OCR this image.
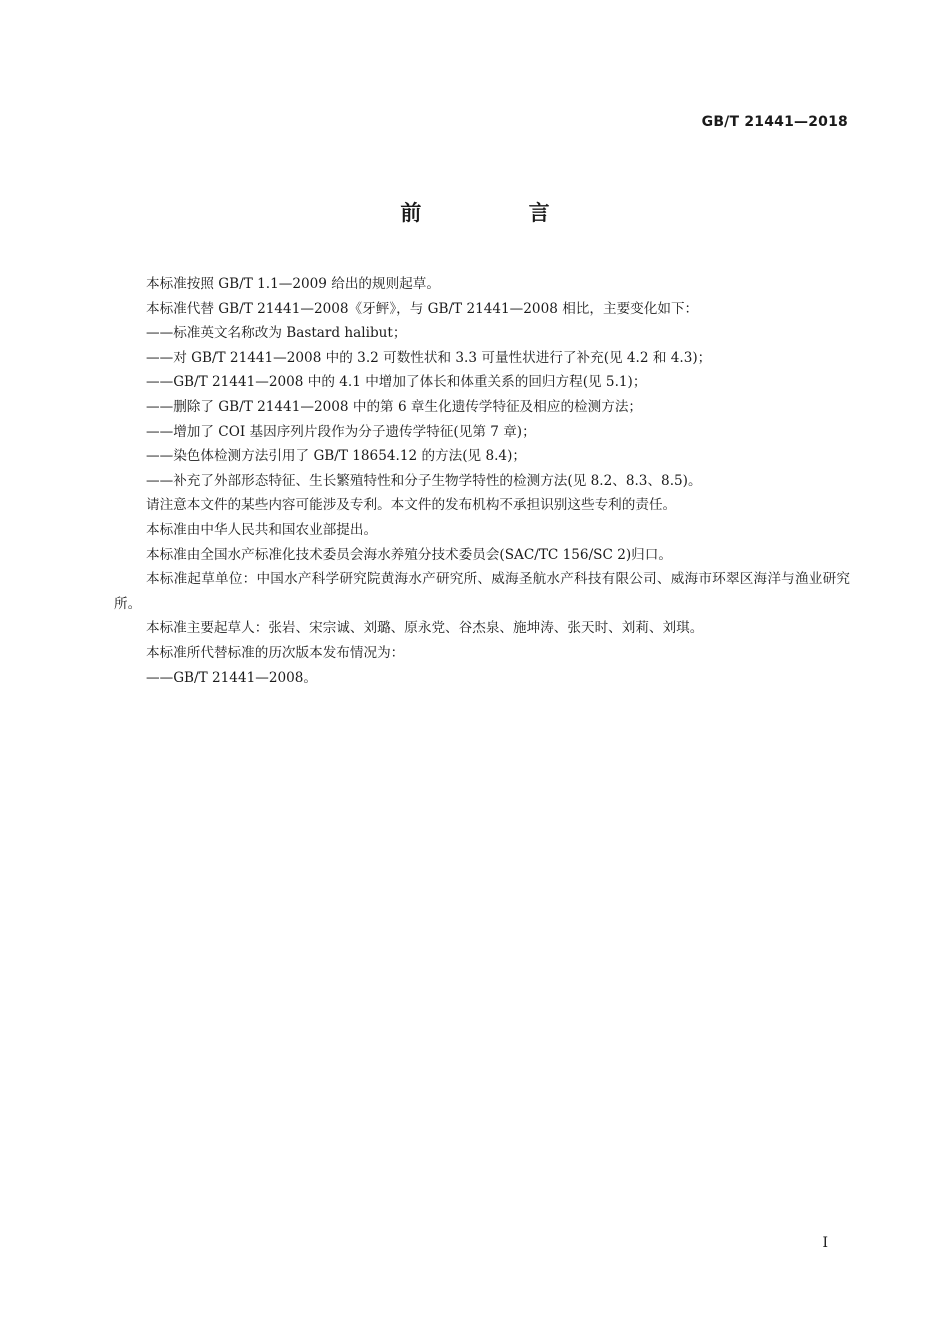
GB/T 21441—2018
前 言

本标准按照 GB/T 1.1—2009 给出的规则起草。

本标准代替 GB/T 21441—2008《牙鲆》，与 GB/T 21441—2008 相比，主要变化如下：

——标准英文名称改为 Bastard halibut；

——对 GB/T 21441—2008 中的 3.2 可数性状和 3.3 可量性状进行了补充(见 4.2 和 4.3)；

——GB/T 21441—2008 中的 4.1 中增加了体长和体重关系的回归方程(见 5.1)；

——删除了 GB/T 21441—2008 中的第 6 章生化遗传学特征及相应的检测方法；

——增加了 COI 基因序列片段作为分子遗传学特征(见第 7 章)；

——染色体检测方法引用了 GB/T 18654.12 的方法(见 8.4)；

——补充了外部形态特征、生长繁殖特性和分子生物学特性的检测方法(见 8.2、8.3、8.5)。

请注意本文件的某些内容可能涉及专利。本文件的发布机构不承担识别这些专利的责任。

本标准由中华人民共和国农业部提出。

本标准由全国水产标准化技术委员会海水养殖分技术委员会(SAC/TC 156/SC 2)归口。

本标准起草单位：中国水产科学研究院黄海水产研究所、威海圣航水产科技有限公司、威海市环翠区海洋与渔业研究所。

本标准主要起草人：张岩、宋宗诚、刘璐、原永党、谷杰泉、施坤涛、张天时、刘莉、刘琪。

本标准所代替标准的历次版本发布情况为：

——GB/T 21441—2008。

I
